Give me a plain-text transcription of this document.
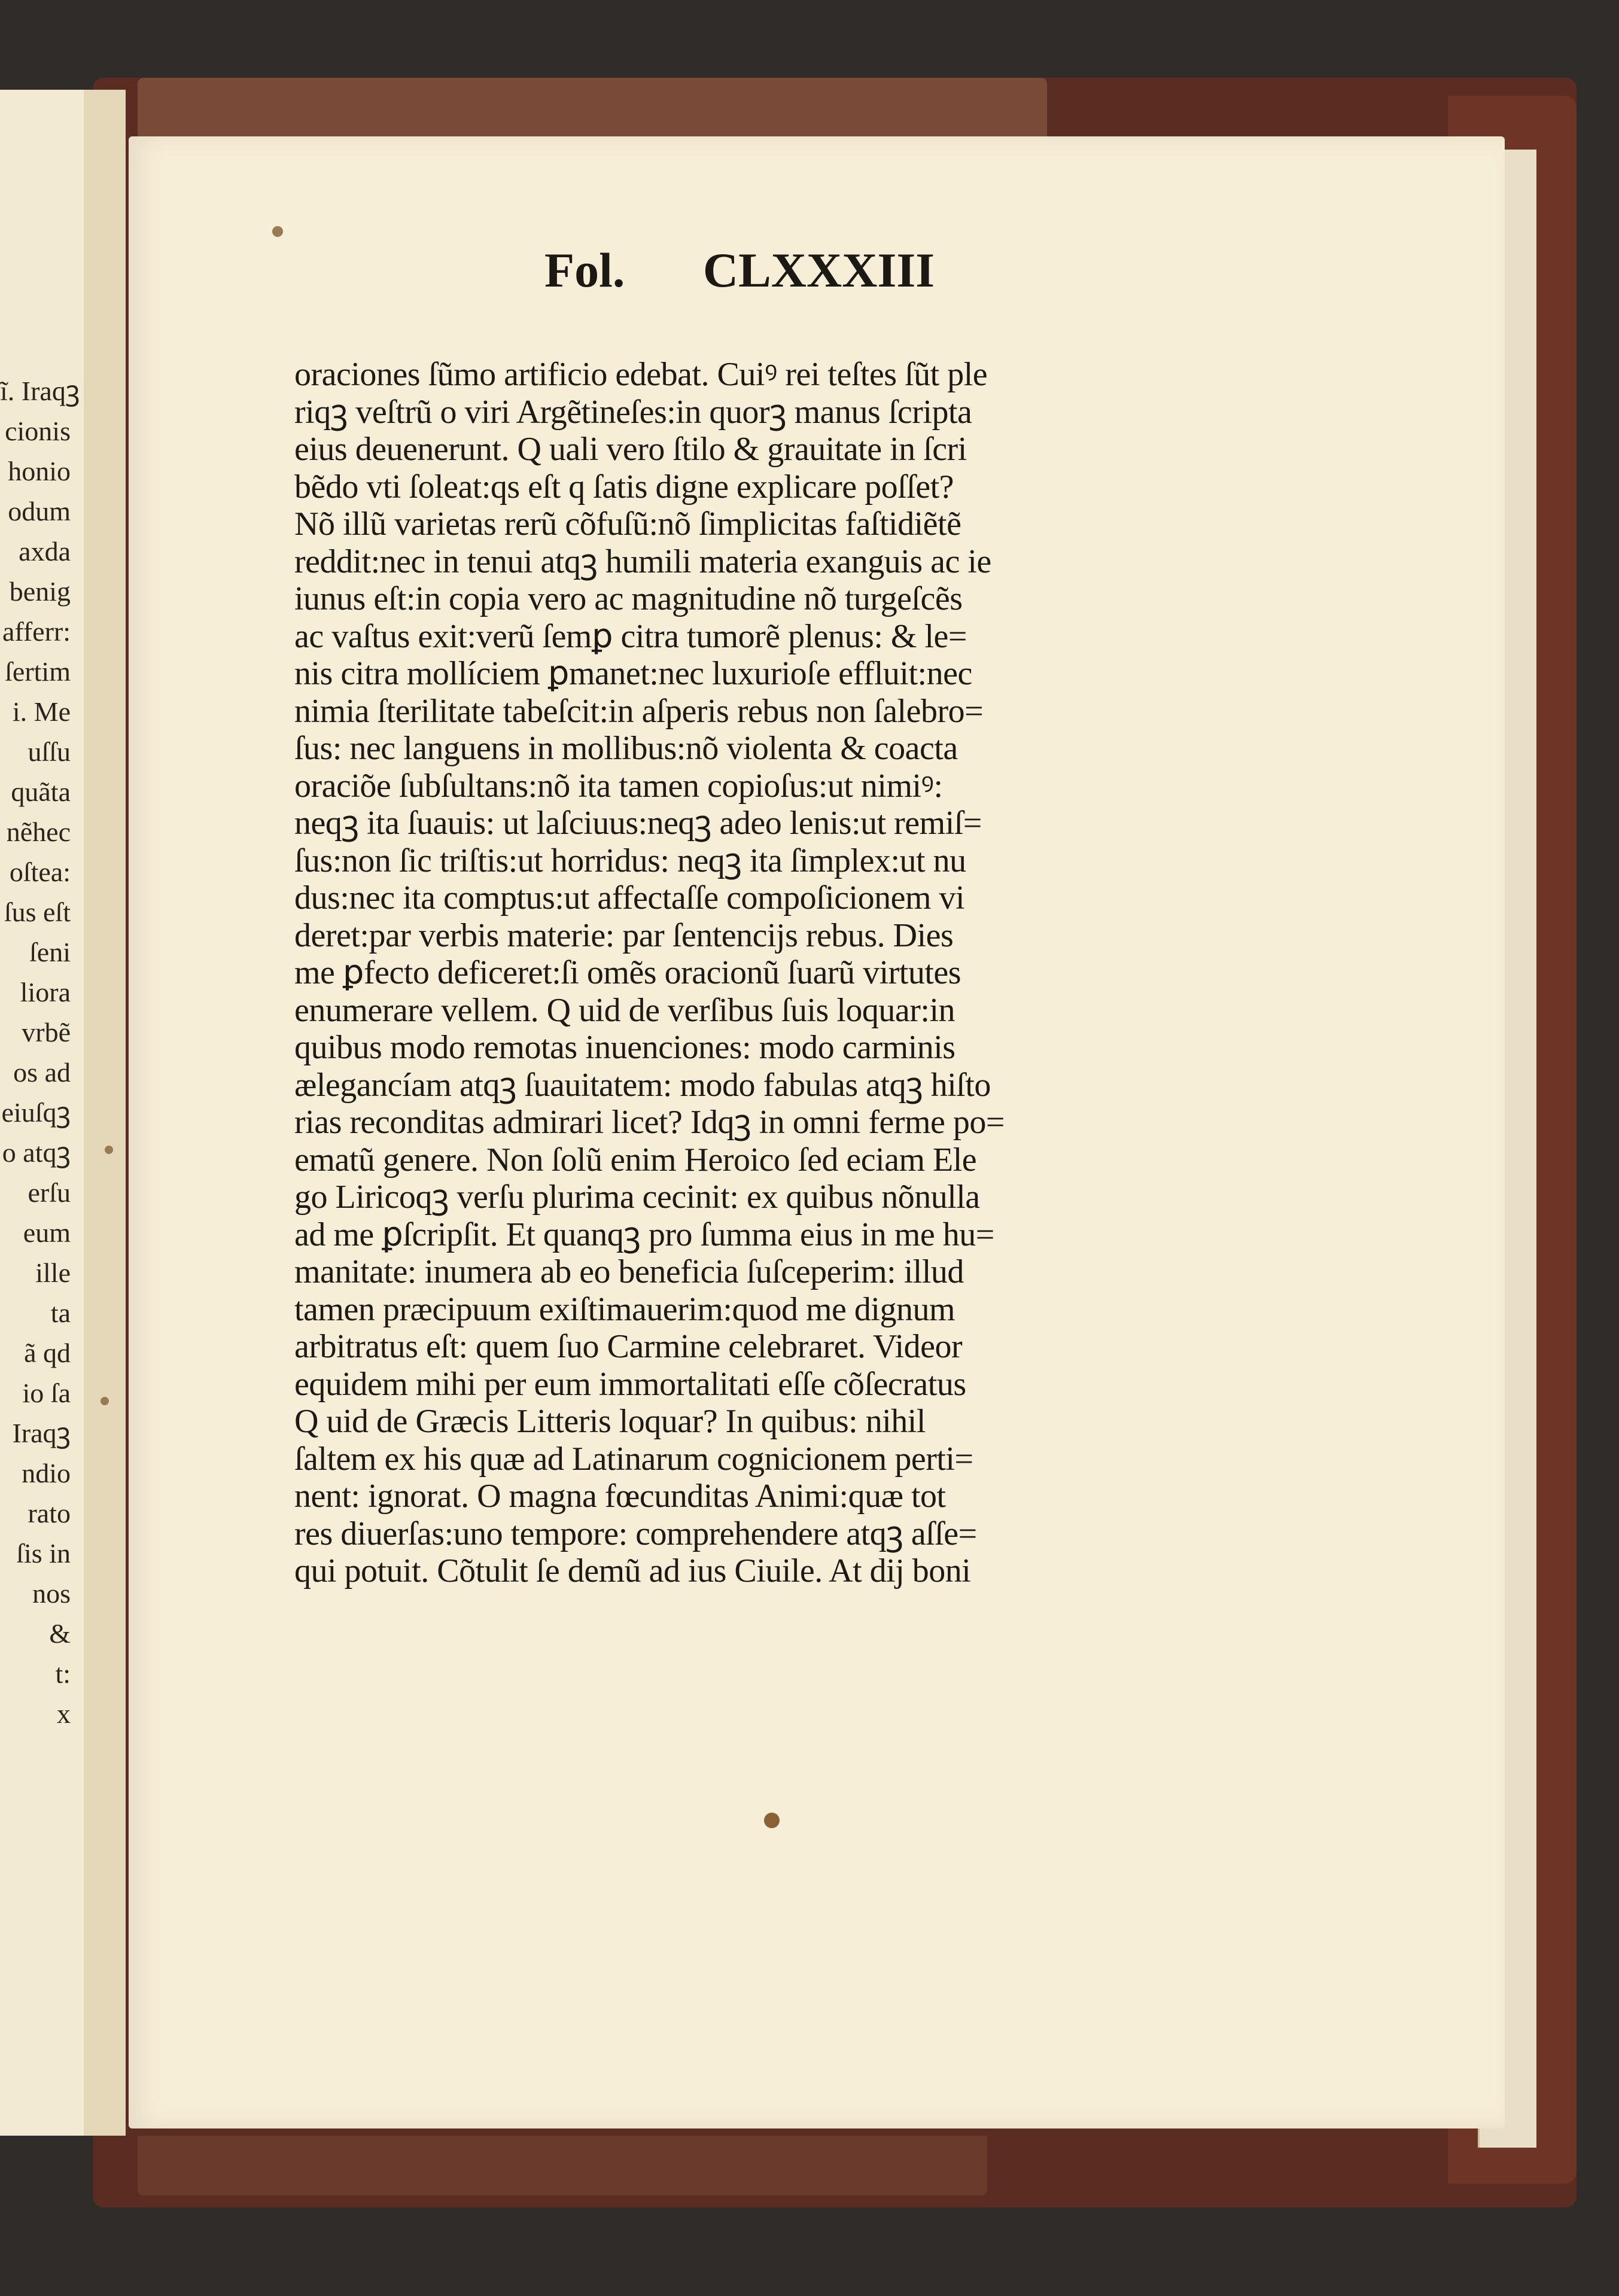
ĩ. Iraqꝫ
cionis
honio
odum
axda
benig
afferr:
ſertim
i. Me
uſſu
quãta
nẽhec
oſtea:
ſus eſt
ſeni
liora
vrbẽ
os ad
eiuſqꝫ
o atqꝫ
erſu
eum
ille
ta
ã qd
io ſa
Iraqꝫ
ndio
rato
ſis in
nos
&
t:
x
Fol. CLXXXIII
oraciones ſũmo artificio edebat. Cuiꝰ rei teſtes ſũt ple
riqꝫ veſtrũ o viri Argẽtineſes:in quorꝫ manus ſcripta
eius deuenerunt. Q uali vero ſtilo & grauitate in ſcri
bẽdo vti ſoleat:qs eſt q ſatis digne explicare poſſet?
Nõ illũ varietas rerũ cõfuſũ:nõ ſimplicitas faſtidiẽtẽ
reddit:nec in tenui atqꝫ humili materia exanguis ac ie
iunus eſt:in copia vero ac magnitudine nõ turgeſcẽs
ac vaſtus exit:verũ ſemꝑ citra tumorẽ plenus: & le=
nis citra mollíciem ꝑmanet:nec luxurioſe effluit:nec
nimia ſterilitate tabeſcit:in aſperis rebus non ſalebro=
ſus: nec languens in mollibus:nõ violenta & coacta
oraciõe ſubſultans:nõ ita tamen copioſus:ut nimiꝰ:
neqꝫ ita ſuauis: ut laſciuus:neqꝫ adeo lenis:ut remiſ=
ſus:non ſic triſtis:ut horridus: neqꝫ ita ſimplex:ut nu
dus:nec ita comptus:ut affectaſſe compoſicionem vi
deret:par verbis materie: par ſentencijs rebus. Dies
me ꝑfecto deficeret:ſi omẽs oracionũ ſuarũ virtutes
enumerare vellem. Q uid de verſibus ſuis loquar:in
quibus modo remotas inuenciones: modo carminis
ælegancíam atqꝫ ſuauitatem: modo fabulas atqꝫ hiſto
rias reconditas admirari licet? Idqꝫ in omni ferme po=
ematũ genere. Non ſolũ enim Heroico ſed eciam Ele
go Liricoqꝫ verſu plurima cecinit: ex quibus nõnulla
ad me ꝑſcripſit. Et quanqꝫ pro ſumma eius in me hu=
manitate: inumera ab eo beneficia ſuſceperim: illud
tamen præcipuum exiſtimauerim:quod me dignum
arbitratus eſt: quem ſuo Carmine celebraret. Videor
equidem mihi per eum immortalitati eſſe cõſecratus
Q uid de Græcis Litteris loquar? In quibus: nihil
ſaltem ex his quæ ad Latinarum cognicionem perti=
nent: ignorat. O magna fœcunditas Animi:quæ tot
res diuerſas:uno tempore: comprehendere atqꝫ aſſe=
qui potuit. Cõtulit ſe demũ ad ius Ciuile. At dij boni
